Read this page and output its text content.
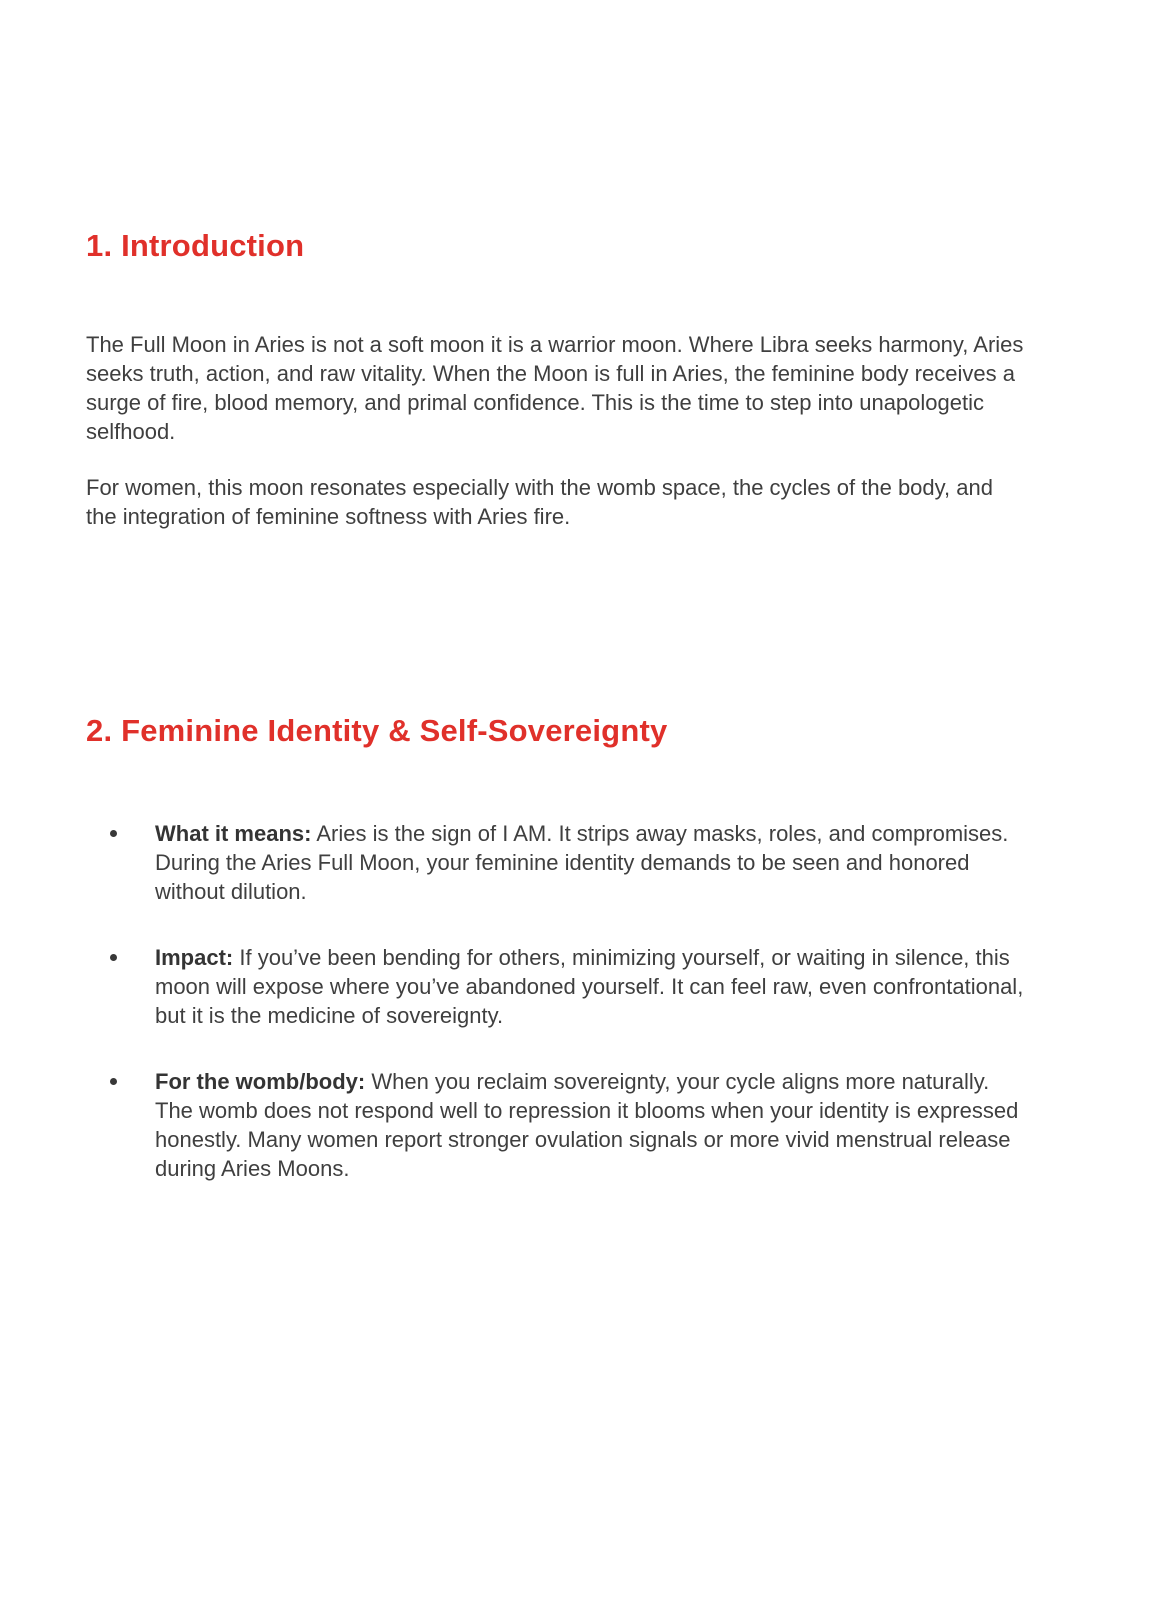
1. Introduction

The Full Moon in Aries is not a soft moon it is a warrior moon. Where Libra seeks harmony, Aries seeks truth, action, and raw vitality. When the Moon is full in Aries, the feminine body receives a surge of fire, blood memory, and primal confidence. This is the time to step into unapologetic selfhood.

For women, this moon resonates especially with the womb space, the cycles of the body, and the integration of feminine softness with Aries fire.

2. Feminine Identity & Self-Sovereignty
What it means: Aries is the sign of I AM. It strips away masks, roles, and compromises. During the Aries Full Moon, your feminine identity demands to be seen and honored without dilution.
Impact: If you’ve been bending for others, minimizing yourself, or waiting in silence, this moon will expose where you’ve abandoned yourself. It can feel raw, even confrontational, but it is the medicine of sovereignty.
For the womb/body: When you reclaim sovereignty, your cycle aligns more naturally. The womb does not respond well to repression it blooms when your identity is expressed honestly. Many women report stronger ovulation signals or more vivid menstrual release during Aries Moons.
